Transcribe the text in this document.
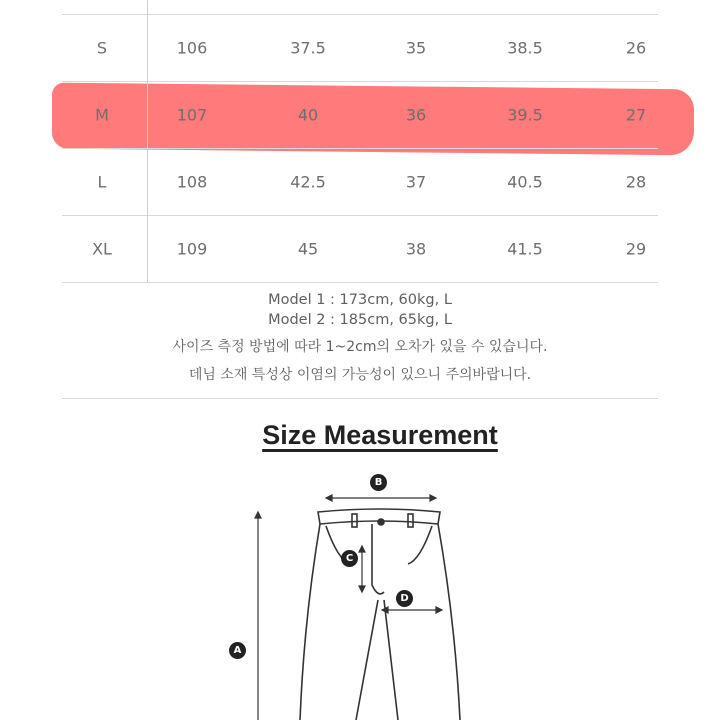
S	106	37.5	35	38.5	26
M	107	40	36	39.5	27
L	108	42.5	37	40.5	28
XL	109	45	38	41.5	29
Model 1 : 173cm, 60kg, L
Model 2 : 185cm, 65kg, L
사이즈 측정 방법에 따라 1~2cm의 오차가 있을 수 있습니다.
데님 소재 특성상 이염의 가능성이 있으니 주의바랍니다.
Size Measurement
B
C
D
A
